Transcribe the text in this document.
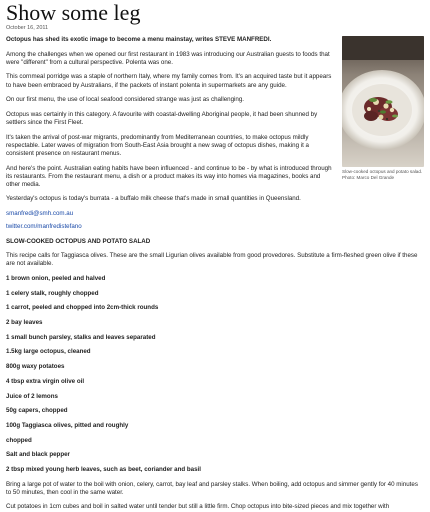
Show some leg
October 16, 2011
Slow-cooked octopus and potato salad. Photo: Marco Del Grande

Octopus has shed its exotic image to become a menu mainstay, writes STEVE MANFREDI.

Among the challenges when we opened our first restaurant in 1983 was introducing our Australian guests to foods that were "different" from a cultural perspective. Polenta was one.

This cornmeal porridge was a staple of northern Italy, where my family comes from. It's an acquired taste but it appears to have been embraced by Australians, if the packets of instant polenta in supermarkets are any guide.

On our first menu, the use of local seafood considered strange was just as challenging.

Octopus was certainly in this category. A favourite with coastal-dwelling Aboriginal people, it had been shunned by settlers since the First Fleet.

It's taken the arrival of post-war migrants, predominantly from Mediterranean countries, to make octopus mildly respectable. Later waves of migration from South-East Asia brought a new swag of octopus dishes, making it a consistent presence on restaurant menus.

And here's the point. Australian eating habits have been influenced - and continue to be - by what is introduced through its restaurants. From the restaurant menu, a dish or a product makes its way into homes via magazines, books and other media.

Yesterday's octopus is today's burrata - a buffalo milk cheese that's made in small quantities in Queensland.

smanfredi@smh.com.au

twitter.com/manfredistefano

SLOW-COOKED OCTOPUS AND POTATO SALAD

This recipe calls for Taggiasca olives. These are the small Ligurian olives available from good provedores. Substitute a firm-fleshed green olive if these are not available.

1 brown onion, peeled and halved

1 celery stalk, roughly chopped

1 carrot, peeled and chopped into 2cm-thick rounds

2 bay leaves

1 small bunch parsley, stalks and leaves separated

1.5kg large octopus, cleaned

800g waxy potatoes

4 tbsp extra virgin olive oil

Juice of 2 lemons

50g capers, chopped

100g Taggiasca olives, pitted and roughly

chopped

Salt and black pepper

2 tbsp mixed young herb leaves, such as beet, coriander and basil

Bring a large pot of water to the boil with onion, celery, carrot, bay leaf and parsley stalks. When boiling, add octopus and simmer gently for 40 minutes to 50 minutes, then cool in the same water.

Cut potatoes in 1cm cubes and boil in salted water until tender but still a little firm. Chop octopus into bite-sized pieces and mix together with
